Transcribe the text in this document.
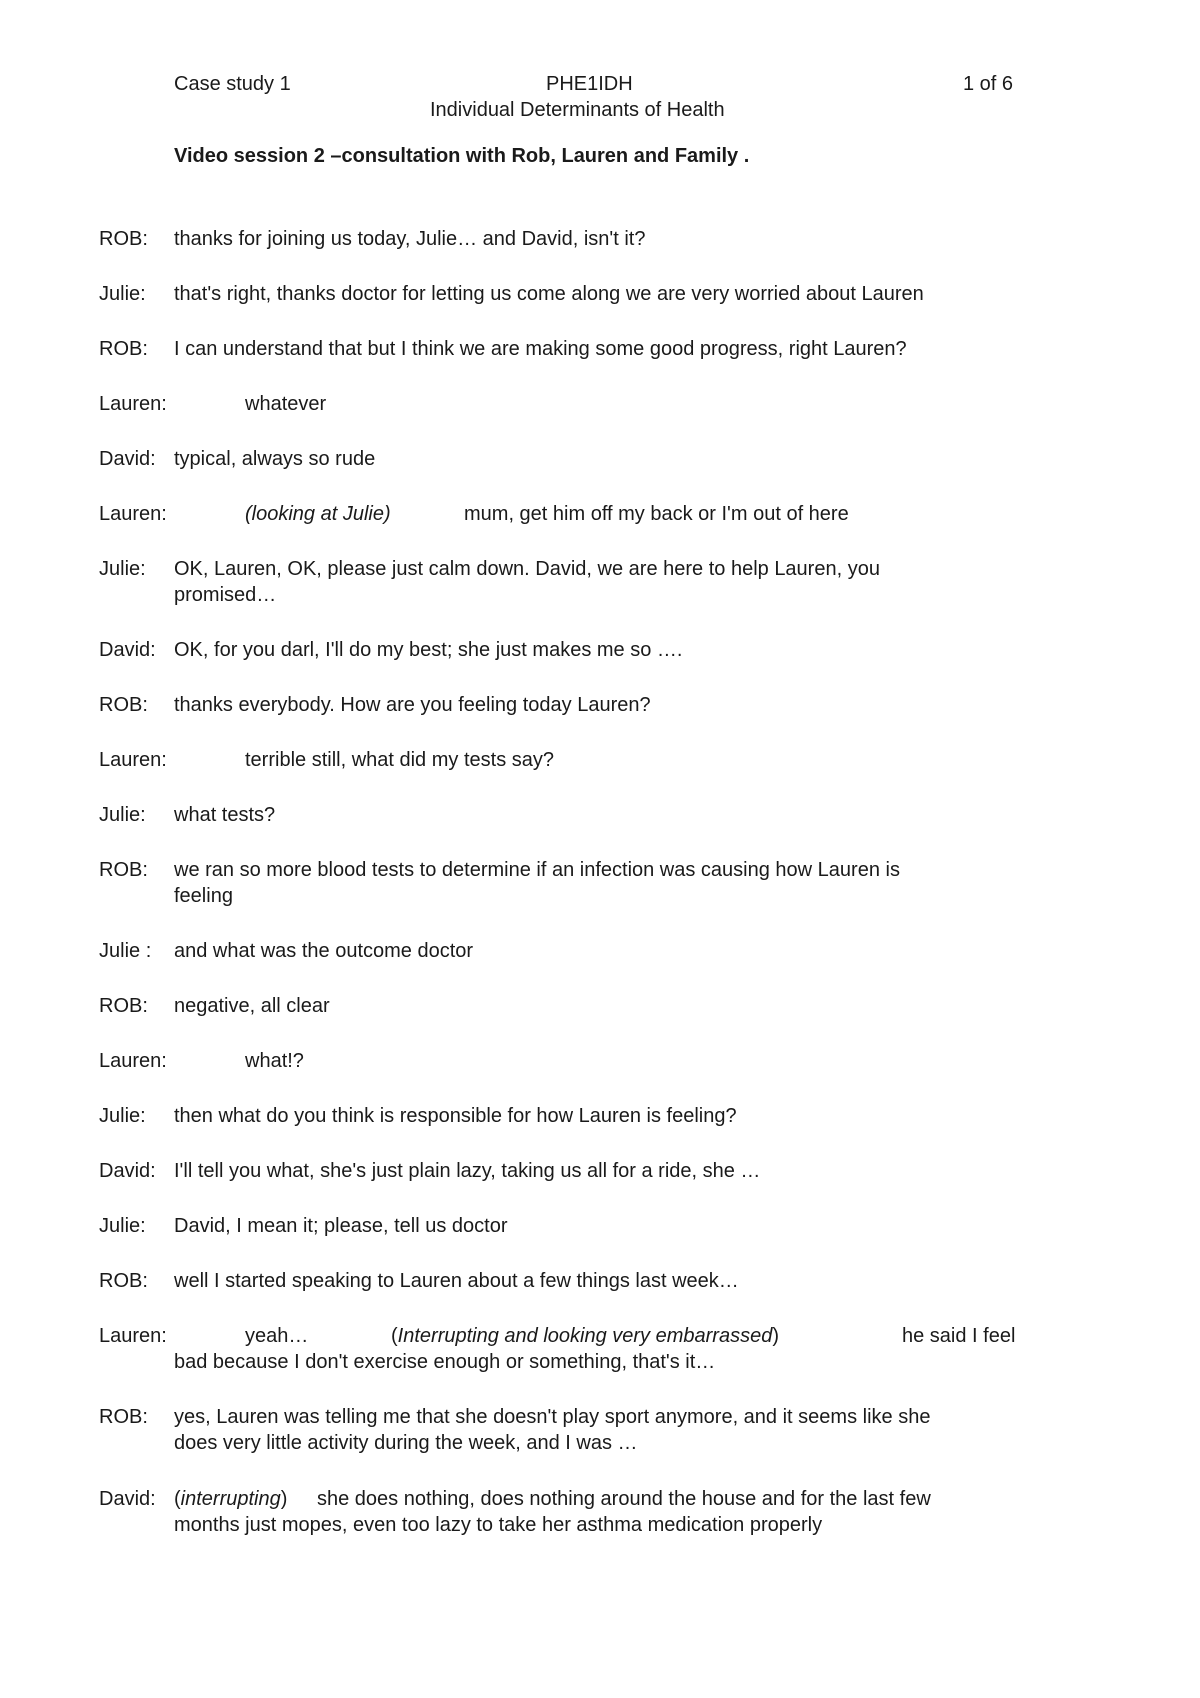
Case study 1	PHE1IDH	1 of 6
Individual Determinants of Health
Video session 2 –consultation with Rob, Lauren and Family .
ROB: thanks for joining us today, Julie… and David, isn't it?
Julie: that's right, thanks doctor for letting us come along we are very worried about Lauren
ROB: I can understand that but I think we are making some good progress, right Lauren?
Lauren:	whatever
David: typical, always so rude
Lauren:	(looking at Julie)	mum, get him off my back or I'm out of here
Julie: OK, Lauren, OK, please just calm down. David, we are here to help Lauren, you
promised…
David: OK, for you darl, I'll do my best; she just makes me so ….
ROB: thanks everybody. How are you feeling today Lauren?
Lauren:	terrible still, what did my tests say?
Julie: what tests?
ROB: we ran so more blood tests to determine if an infection was causing how Lauren is
feeling
Julie : and what was the outcome doctor
ROB: negative, all clear
Lauren:	what!?
Julie: then what do you think is responsible for how Lauren is feeling?
David: I'll tell you what, she's just plain lazy, taking us all for a ride, she …
Julie: David, I mean it; please, tell us doctor
ROB: well I started speaking to Lauren about a few things last week…
Lauren:	yeah…	(Interrupting and looking very embarrassed)	he said I feel
bad because I don't exercise enough or something, that's it…
ROB: yes, Lauren was telling me that she doesn't play sport anymore, and it seems like she
does very little activity during the week, and I was …
David: (interrupting) she does nothing, does nothing around the house and for the last few
months just mopes, even too lazy to take her asthma medication properly
